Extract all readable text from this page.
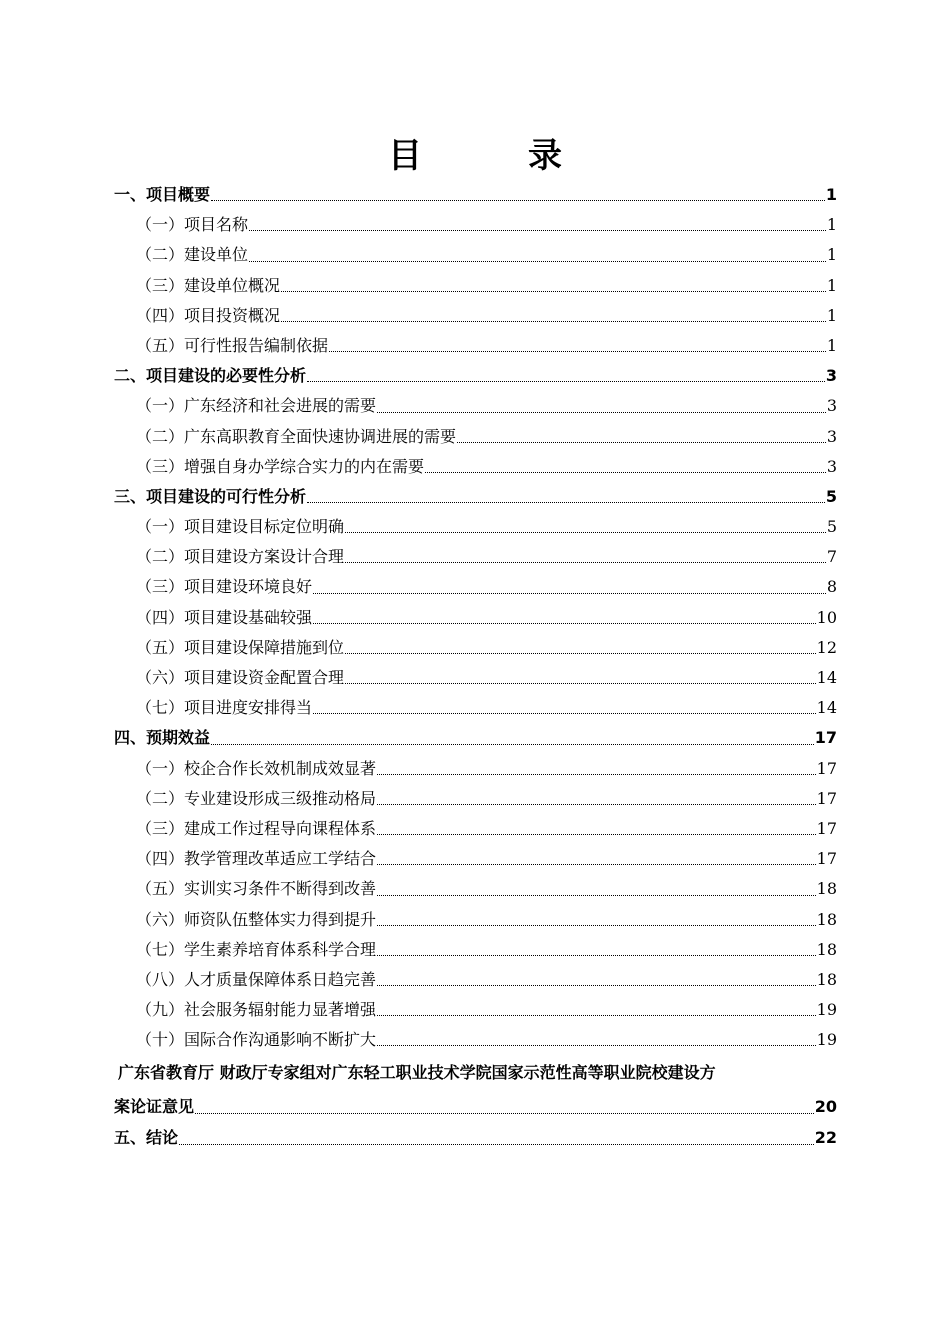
目　录
一、项目概要	1
（一）项目名称	1
（二）建设单位	1
（三）建设单位概况	1
（四）项目投资概况	1
（五）可行性报告编制依据	1
二、项目建设的必要性分析	3
（一）广东经济和社会进展的需要	3
（二）广东高职教育全面快速协调进展的需要	3
（三）增强自身办学综合实力的内在需要	3
三、项目建设的可行性分析	5
（一）项目建设目标定位明确	5
（二）项目建设方案设计合理	7
（三）项目建设环境良好	8
（四）项目建设基础较强	10
（五）项目建设保障措施到位	12
（六）项目建设资金配置合理	14
（七）项目进度安排得当	14
四、预期效益	17
（一）校企合作长效机制成效显著	17
（二）专业建设形成三级推动格局	17
（三）建成工作过程导向课程体系	17
（四）教学管理改革适应工学结合	17
（五）实训实习条件不断得到改善	18
（六）师资队伍整体实力得到提升	18
（七）学生素养培育体系科学合理	18
（八）人才质量保障体系日趋完善	18
（九）社会服务辐射能力显著增强	19
（十）国际合作沟通影响不断扩大	19
广东省教育厅 财政厅专家组对广东轻工职业技术学院国家示范性高等职业院校建设方
案论证意见	20
五、结论	22
